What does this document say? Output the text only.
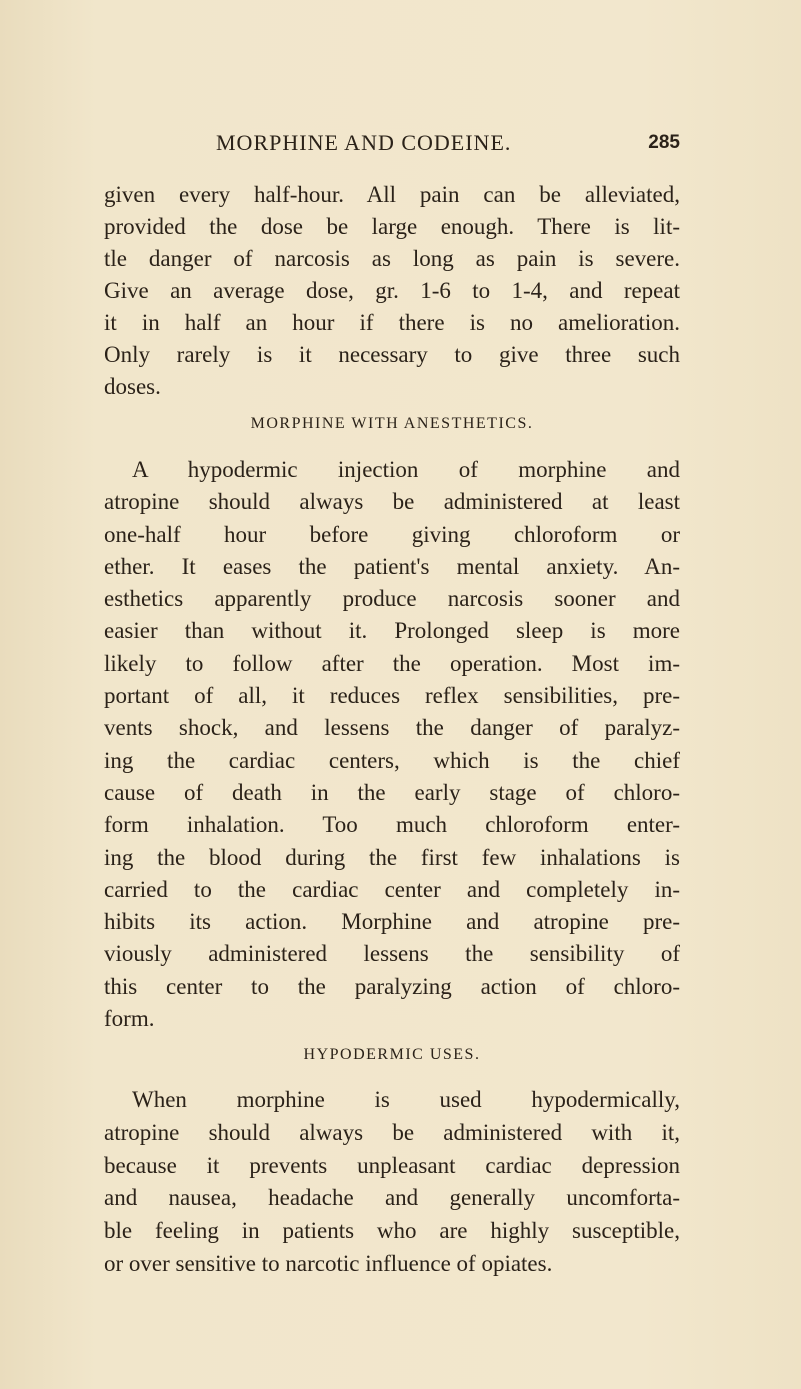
MORPHINE AND CODEINE.	285
given every half-hour. All pain can be alleviated,
provided the dose be large enough. There is lit-
tle danger of narcosis as long as pain is severe.
Give an average dose, gr. 1-6 to 1-4, and repeat
it in half an hour if there is no amelioration.
Only rarely is it necessary to give three such
doses.
MORPHINE WITH ANESTHETICS.
A hypodermic injection of morphine and
atropine should always be administered at least
one-half hour before giving chloroform or
ether. It eases the patient's mental anxiety. An-
esthetics apparently produce narcosis sooner and
easier than without it. Prolonged sleep is more
likely to follow after the operation. Most im-
portant of all, it reduces reflex sensibilities, pre-
vents shock, and lessens the danger of paralyz-
ing the cardiac centers, which is the chief
cause of death in the early stage of chloro-
form inhalation. Too much chloroform enter-
ing the blood during the first few inhalations is
carried to the cardiac center and completely in-
hibits its action. Morphine and atropine pre-
viously administered lessens the sensibility of
this center to the paralyzing action of chloro-
form.
HYPODERMIC USES.
When morphine is used hypodermically,
atropine should always be administered with it,
because it prevents unpleasant cardiac depression
and nausea, headache and generally uncomforta-
ble feeling in patients who are highly susceptible,
or over sensitive to narcotic influence of opiates.
